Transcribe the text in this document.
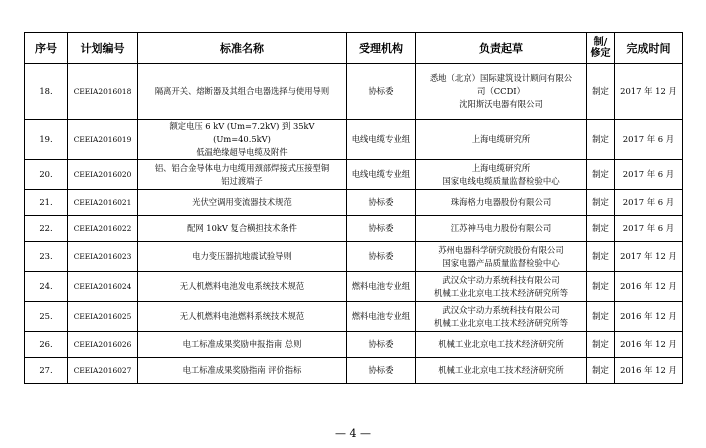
序号	计划编号	标准名称	受理机构	负责起草	制/
修定	完成时间
18.	CEEIA2016018	隔离开关、熔断器及其组合电器选择与使用导则	协标委	悉地（北京）国际建筑设计顾问有限公
司（CCDI）
沈阳斯沃电器有限公司	制定	2017 年 12 月
19.	CEEIA2016019	额定电压 6 kV (Um=7.2kV) 到 35kV (Um=40.5kV)
低温绝缘超导电缆及附件	电线电缆专业组	上海电缆研究所	制定	2017 年 6 月
20.	CEEIA2016020	铝、铝合金导体电力电缆用颈部焊接式压接型铜
铝过渡端子	电线电缆专业组	上海电缆研究所
国家电线电缆质量监督检验中心	制定	2017 年 6 月
21.	CEEIA2016021	光伏空调用变流器技术规范	协标委	珠海格力电器股份有限公司	制定	2017 年 6 月
22.	CEEIA2016022	配网 10kV 复合横担技术条件	协标委	江苏神马电力股份有限公司	制定	2017 年 6 月
23.	CEEIA2016023	电力变压器抗地震试验导则	协标委	苏州电器科学研究院股份有限公司
国家电器产品质量监督检验中心	制定	2017 年 12 月
24.	CEEIA2016024	无人机燃料电池发电系统技术规范	燃料电池专业组	武汉众宇动力系统科技有限公司
机械工业北京电工技术经济研究所等	制定	2016 年 12 月
25.	CEEIA2016025	无人机燃料电池燃料系统技术规范	燃料电池专业组	武汉众宇动力系统科技有限公司
机械工业北京电工技术经济研究所等	制定	2016 年 12 月
26.	CEEIA2016026	电工标准成果奖励申报指南 总则	协标委	机械工业北京电工技术经济研究所	制定	2016 年 12 月
27.	CEEIA2016027	电工标准成果奖励指南 评价指标	协标委	机械工业北京电工技术经济研究所	制定	2016 年 12 月
— 4 —
